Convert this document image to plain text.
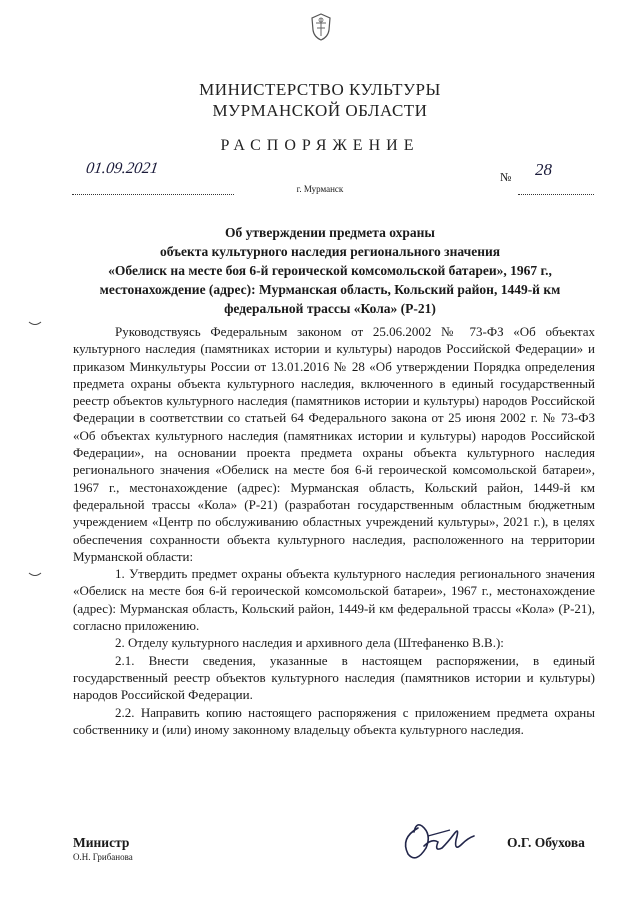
МИНИСТЕРСТВО КУЛЬТУРЫ
МУРМАНСКОЙ ОБЛАСТИ
РАСПОРЯЖЕНИЕ
01.09.2021	№ 28
г. Мурманск
Об утверждении предмета охраны
объекта культурного наследия регионального значения
«Обелиск на месте боя 6-й героической комсомольской батареи», 1967 г.,
местонахождение (адрес): Мурманская область, Кольский район, 1449-й км
федеральной трассы «Кола» (Р-21)

Руководствуясь Федеральным законом от 25.06.2002 № 73-ФЗ «Об объектах культурного наследия (памятниках истории и культуры) народов Российской Федерации» и приказом Минкультуры России от 13.01.2016 № 28 «Об утверждении Порядка определения предмета охраны объекта культурного наследия, включенного в единый государственный реестр объектов культурного наследия (памятников истории и культуры) народов Российской Федерации в соответствии со статьей 64 Федерального закона от 25 июня 2002 г. № 73-ФЗ «Об объектах культурного наследия (памятниках истории и культуры) народов Российской Федерации», на основании проекта предмета охраны объекта культурного наследия регионального значения «Обелиск на месте боя 6-й героической комсомольской батареи», 1967 г., местонахождение (адрес): Мурманская область, Кольский район, 1449-й км федеральной трассы «Кола» (Р-21) (разработан государственным областным бюджетным учреждением «Центр по обслуживанию областных учреждений культуры», 2021 г.), в целях обеспечения сохранности объекта культурного наследия, расположенного на территории Мурманской области:

1. Утвердить предмет охраны объекта культурного наследия регионального значения «Обелиск на месте боя 6-й героической комсомольской батареи», 1967 г., местонахождение (адрес): Мурманская область, Кольский район, 1449-й км федеральной трассы «Кола» (Р-21), согласно приложению.

2. Отделу культурного наследия и архивного дела (Штефаненко В.В.):

2.1. Внести сведения, указанные в настоящем распоряжении, в единый государственный реестр объектов культурного наследия (памятников истории и культуры) народов Российской Федерации.

2.2. Направить копию настоящего распоряжения с приложением предмета охраны собственнику и (или) иному законному владельцу объекта культурного наследия.

Министр
О.Н. Грибанова
О.Г. Обухова
